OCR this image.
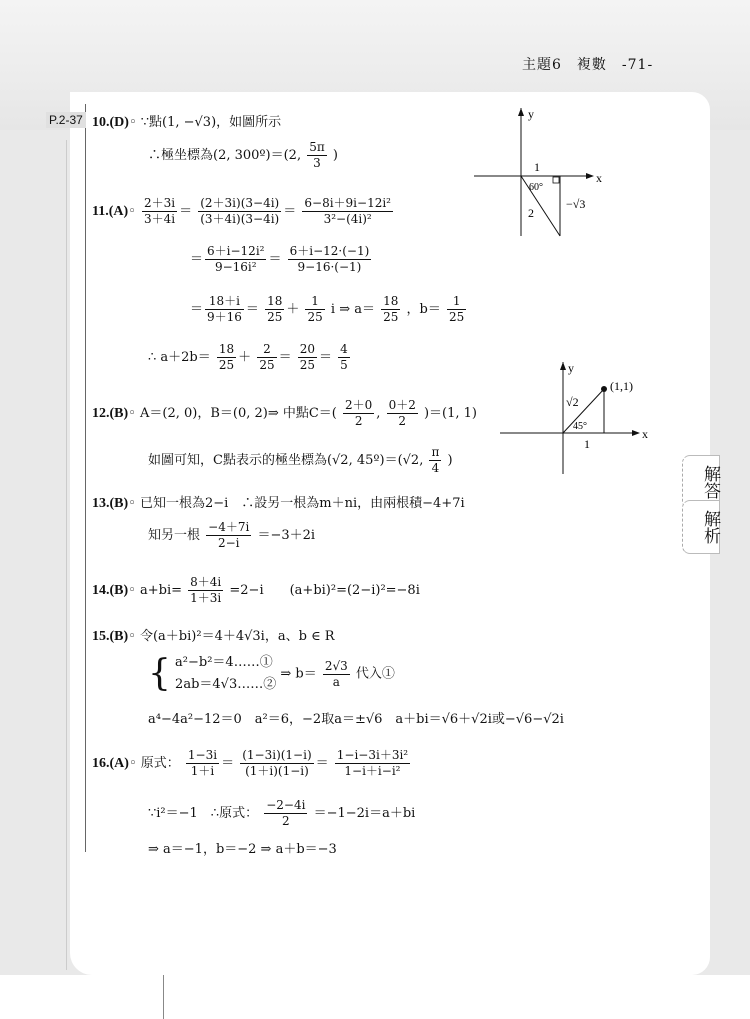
主題6　複數　-71-
P.2-37
解答
解析
10.(D)◦ ∵點(1, −√3)，如圖所示
∴極坐標為(2, 300º)＝(2, $\frac{5\pi}{3}$ )
y
x
1
60°
2
−√3
11.(A)◦ $\frac{2+3i}{3+4i} = \frac{(2+3i)(3-4i)}{(3+4i)(3-4i)} = \frac{\text{6−8i＋9i−12i²}}{\text{3²−(4i)²}}$
＝ $\frac{\text{6＋i−12i²}}{\text{9−16i²}} = \frac{6+i-12\cdot(-1)}{9-16\cdot(-1)}$
＝ $\frac{18+i}{9+16} = \frac{18}{25} + \frac{1}{25}$ i ⇒ $a= \frac{18}{25}$ ，$b= \frac{1}{25}$
∴ $a+2b= \frac{18}{25} + \frac{2}{25} = \frac{20}{25} = \frac{4}{5}$	y
x
(1,1)
√2
45°
1
12.(B)◦ A＝(2, 0)，B＝(0, 2)⇒ 中點$C=( \frac{2+0}{2}$ , $\frac{0+2}{2} )=(1$, 1)
如圖可知，C點表示的極坐標為(√2, 45º)＝(√2, $\frac{\pi}{4}$ )
13.(B)◦ 已知一根為2−i　∴設另一根為m＋ni，由兩根積−4+7i
知另一根 $\frac{-4+7i}{2-i} =-3+2i$
14.(B)◦ $a+bi= \frac{8+4i}{1+3i} =2-i$　　(a+bi)²=(2−i)²=−8i
15.(B)◦ 令(a＋bi)²＝4＋4√3i，a、b ∈ R
{ a²−b²＝4……①
2ab＝4√3……②
⇒ $b= \frac{2√3}{a}$ 代入①
a⁴−4a²−12＝0　a²＝6，−2取a＝±√6　a＋bi＝√6＋√2i或−√6−√2i
16.(A)◦ 原式： $\frac{1-3i}{1+i} = \frac{(1-3i)(1-i)}{(1+i)(1-i)} = \frac{\text{1−i−3i＋3i²}}{\text{1−i＋i−i²}}$
∵i²＝−1　∴原式： $\frac{-2-4i}{2} =-1-2i=a+bi$
⇒ a＝−1，b＝−2 ⇒ a＋b＝−3
